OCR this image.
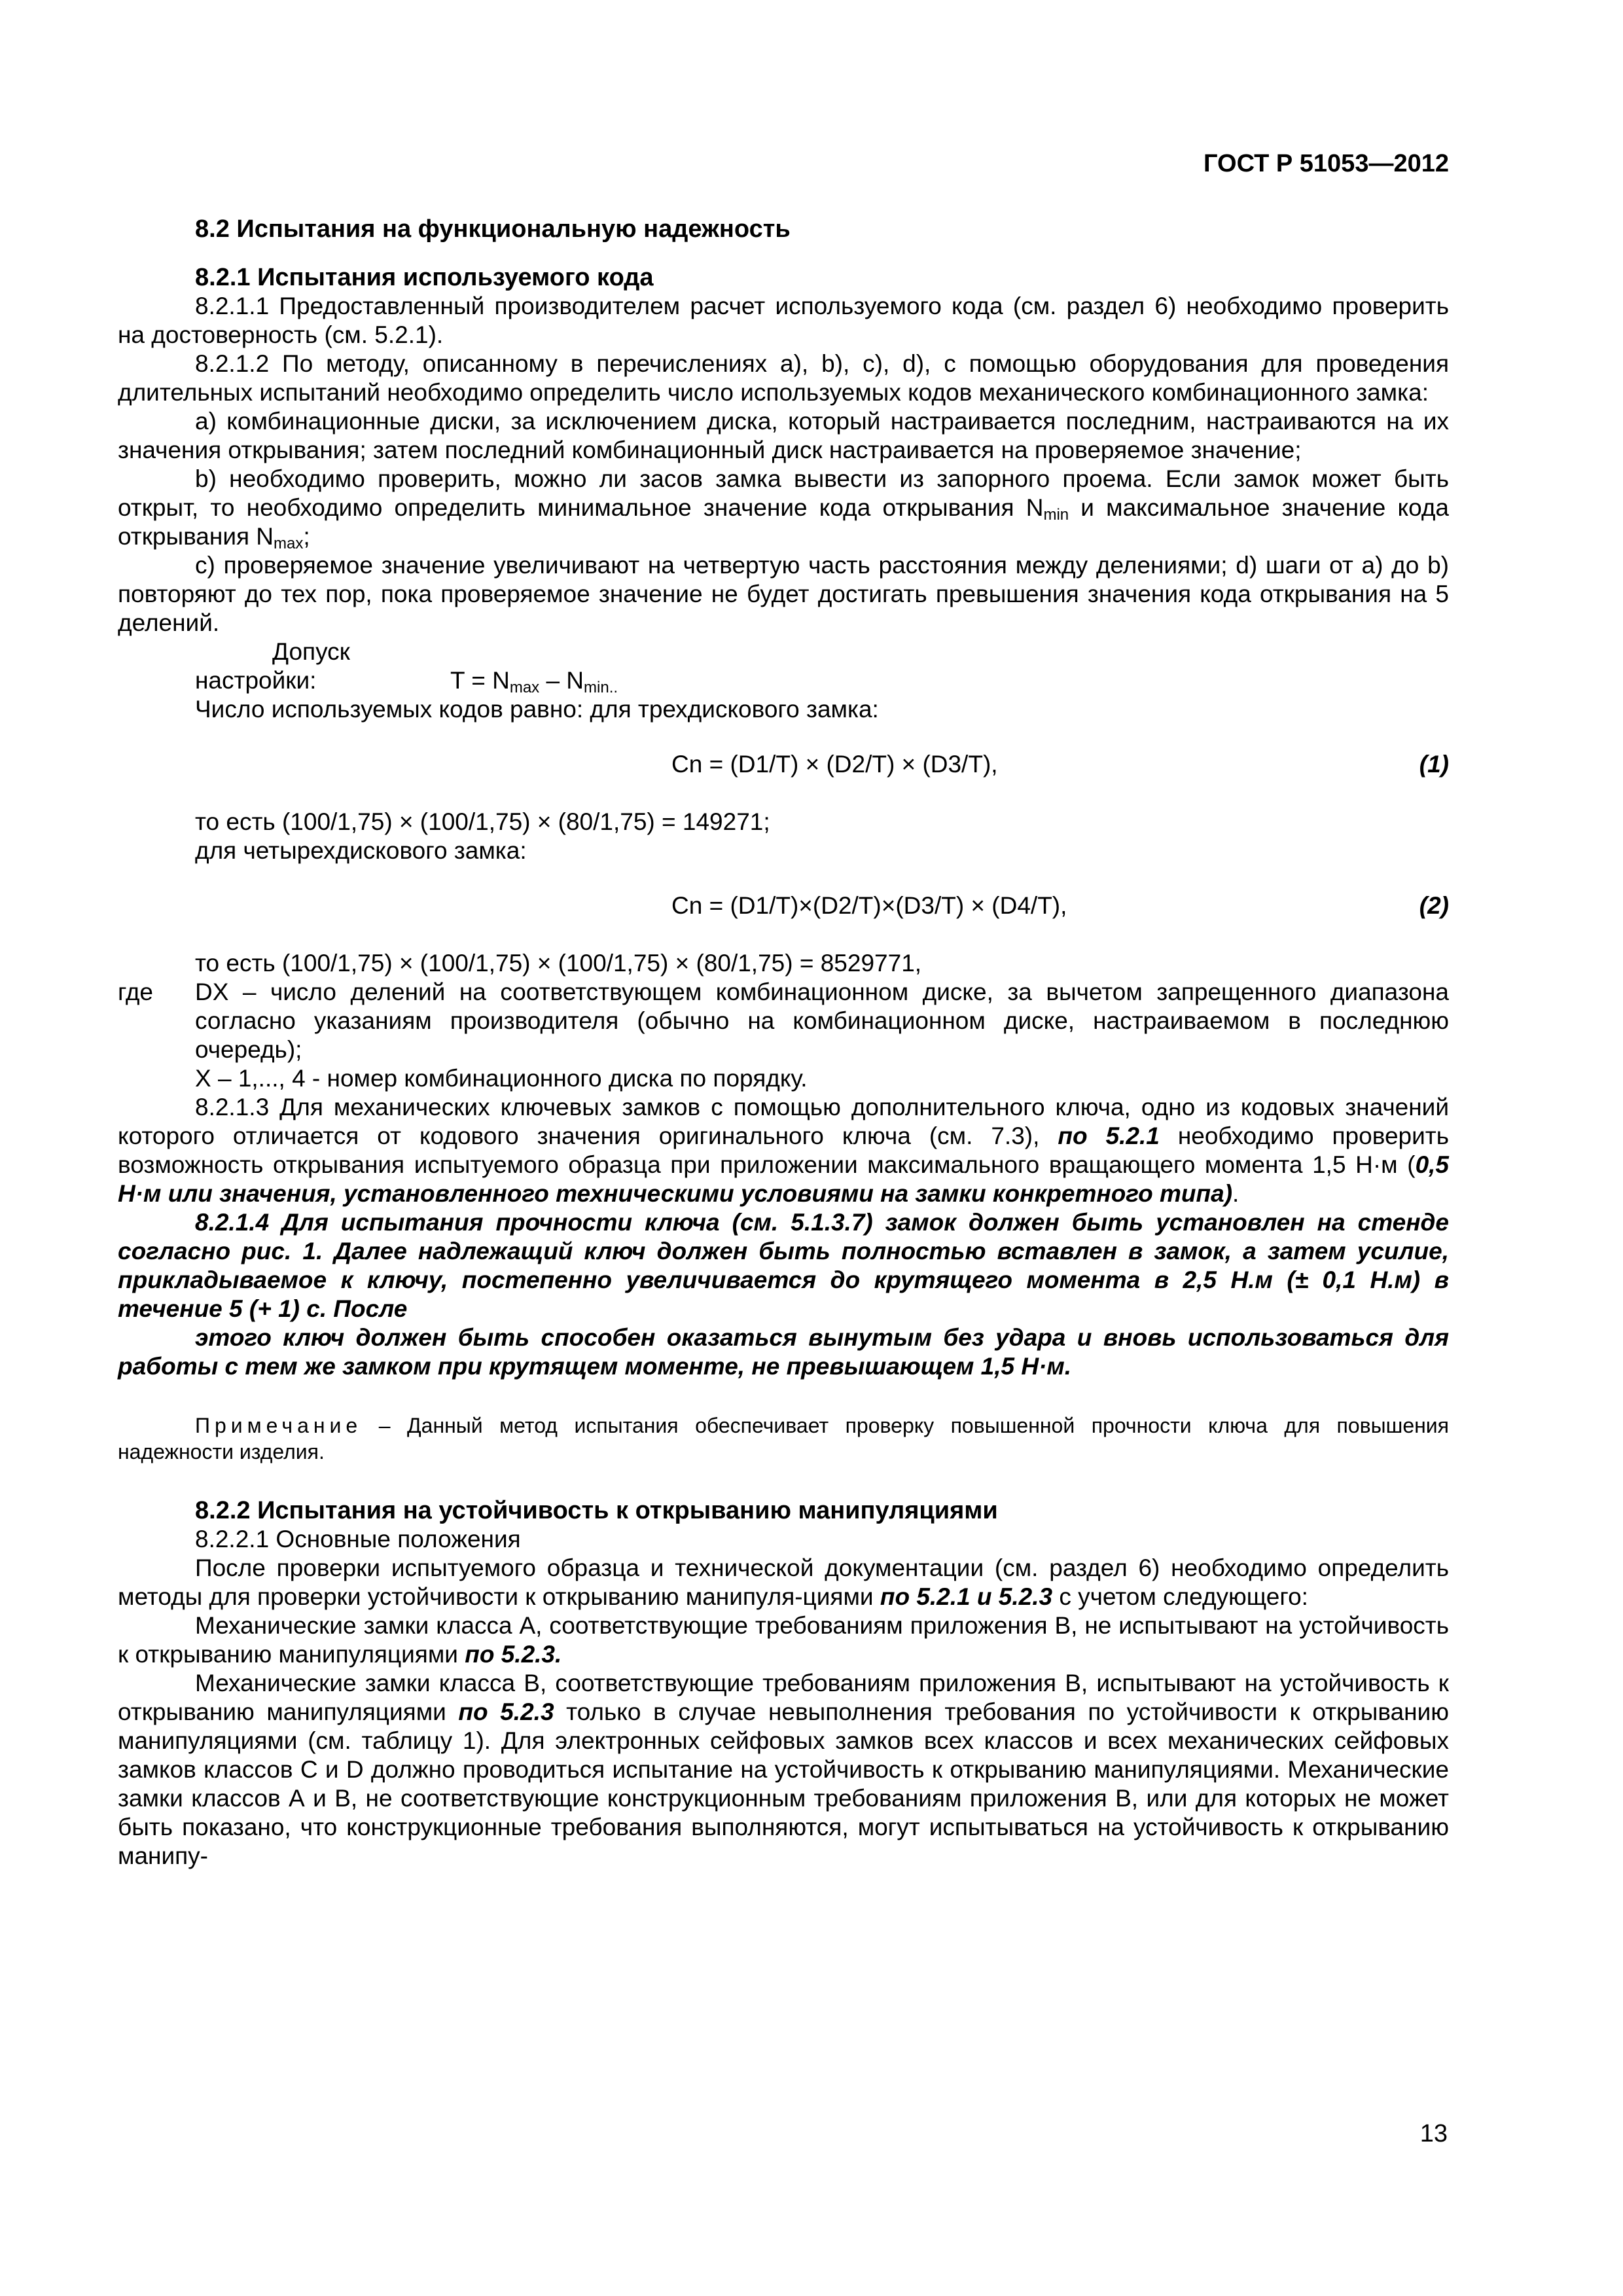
ГОСТ Р 51053—2012

8.2 Испытания на функциональную надежность

8.2.1 Испытания используемого кода

8.2.1.1 Предоставленный производителем расчет используемого кода (см. раздел 6) необходимо проверить на достоверность (см. 5.2.1).

8.2.1.2 По методу, описанному в перечислениях а), b), c), d), с помощью оборудования для проведения длительных испытаний необходимо определить число используемых кодов механического комбинационного замка:

а) комбинационные диски, за исключением диска, который настраивается последним, настраиваются на их значения открывания; затем последний комбинационный диск настраивается на проверяемое значение;

b) необходимо проверить, можно ли засов замка вывести из запорного проема. Если замок может быть открыт, то необходимо определить минимальное значение кода открывания $N_{min}$ и максимальное значение кода открывания $N_{max}$;

с) проверяемое значение увеличивают на четвертую часть расстояния между делениями; d) шаги от а) до b) повторяют до тех пор, пока проверяемое значение не будет достигать превышения значения кода открывания на 5 делений.

Допуск настройки:	$T = N_{max} - N_{min..}$

Число используемых кодов равно: для трехдискового замка:

Cn = (D1/T) × (D2/T) × (D3/T),	(1)

то есть (100/1,75) × (100/1,75) × (80/1,75) = 149271;

для четырехдискового замка:

Cn = (D1/T)×(D2/T)×(D3/T) × (D4/T),	(2)

то есть (100/1,75) × (100/1,75) × (100/1,75) × (80/1,75) = 8529771,

где	DX – число делений на соответствующем комбинационном диске, за вычетом запрещенного диапазона согласно указаниям производителя (обычно на комбинационном диске, настраиваемом в последнюю очередь);

X – 1,..., 4 - номер комбинационного диска по порядку.

8.2.1.3 Для механических ключевых замков с помощью дополнительного ключа, одно из кодовых значений которого отличается от кодового значения оригинального ключа (см. 7.3), по 5.2.1 необходимо проверить возможность открывания испытуемого образца при приложении максимального вращающего момента 1,5 Н·м (0,5 Н·м или значения, установленного техническими условиями на замки конкретного типа).

8.2.1.4 Для испытания прочности ключа (см. 5.1.3.7) замок должен быть установлен на стенде согласно рис. 1. Далее надлежащий ключ должен быть полностью вставлен в замок, а затем усилие, прикладываемое к ключу, постепенно увеличивается до крутящего момента в 2,5 Н.м (± 0,1 Н.м) в течение 5 (+ 1) с. После

этого ключ должен быть способен оказаться вынутым без удара и вновь использоваться для работы с тем же замком при крутящем моменте, не превышающем 1,5 Н·м.

Примечание – Данный метод испытания обеспечивает проверку повышенной прочности ключа для повышения надежности изделия.

8.2.2 Испытания на устойчивость к открыванию манипуляциями

8.2.2.1 Основные положения

После проверки испытуемого образца и технической документации (см. раздел 6) необходимо определить методы для проверки устойчивости к открыванию манипуля-циями по 5.2.1 и 5.2.3 с учетом следующего:

Механические замки класса А, соответствующие требованиям приложения В, не испытывают на устойчивость к открыванию манипуляциями по 5.2.3.

Механические замки класса В, соответствующие требованиям приложения В, испытывают на устойчивость к открыванию манипуляциями по 5.2.3 только в случае невыполнения требования по устойчивости к открыванию манипуляциями (см. таблицу 1). Для электронных сейфовых замков всех классов и всех механических сейфовых замков классов С и D должно проводиться испытание на устойчивость к открыванию манипуляциями. Механические замки классов А и В, не соответствующие конструкционным требованиям приложения В, или для которых не может быть показано, что конструкционные требования выполняются, могут испытываться на устойчивость к открыванию манипу-

13
